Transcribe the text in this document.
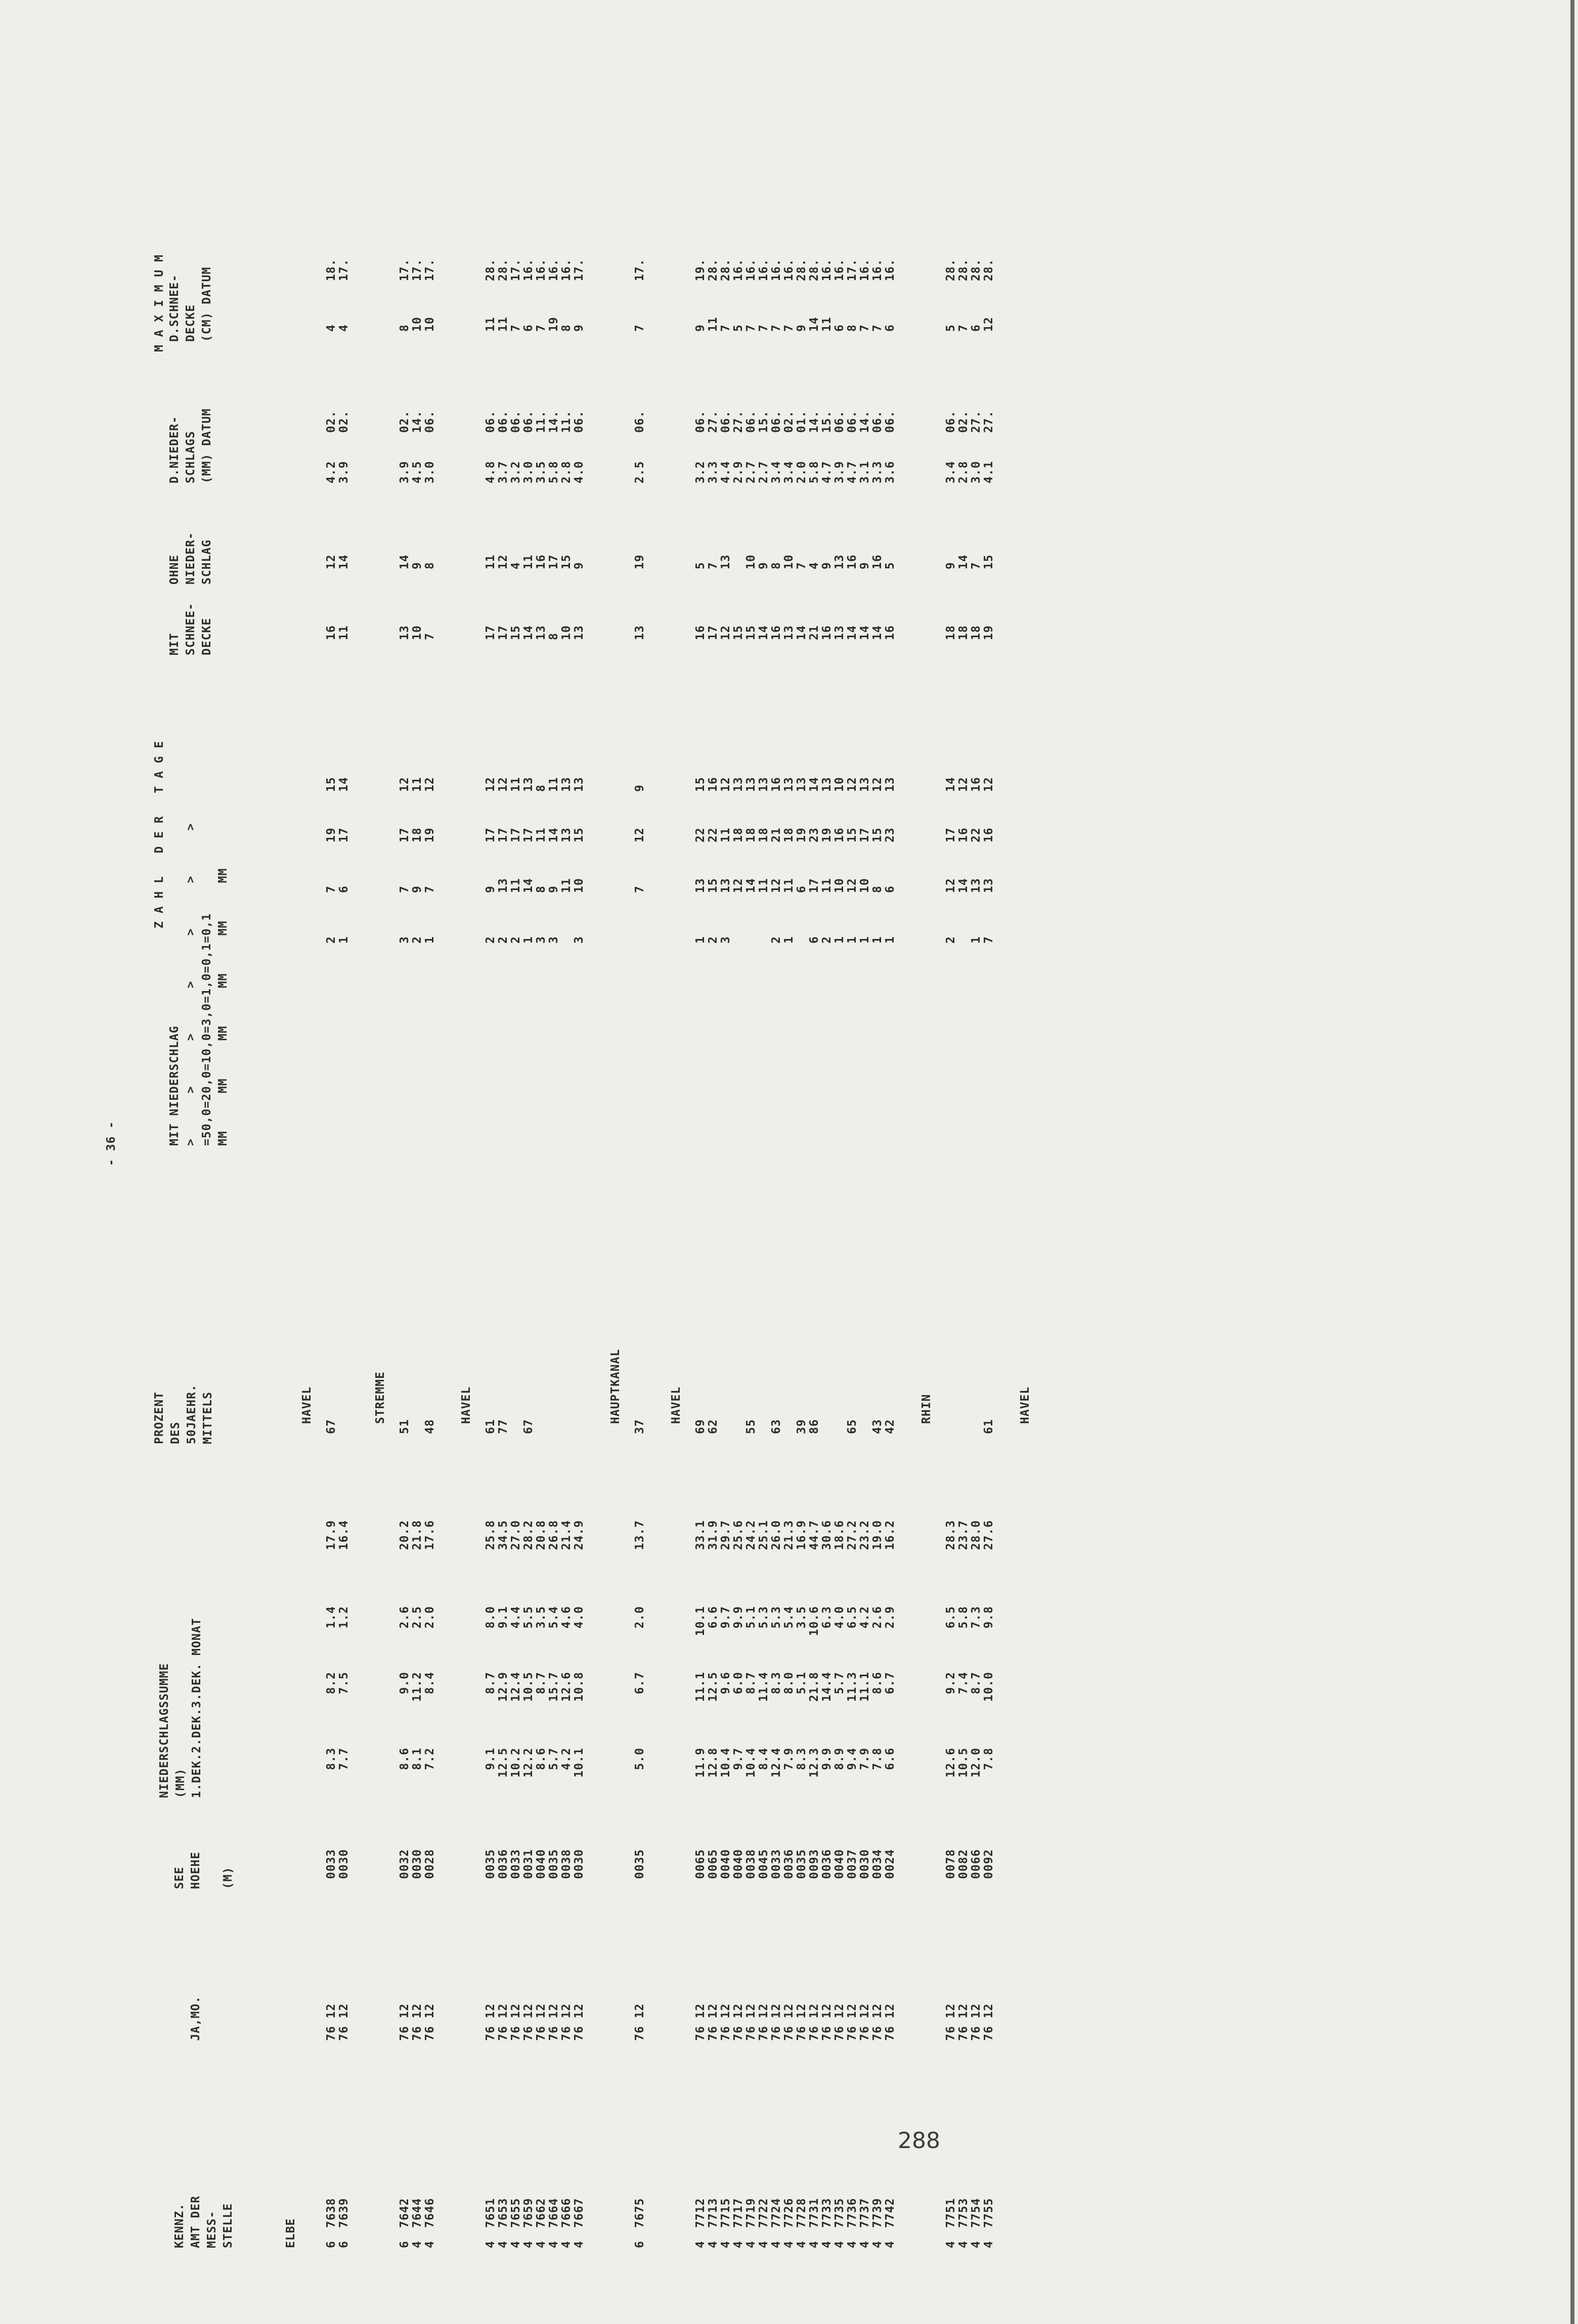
- 36 -
KENNZ. AMT DER MESS- STELLE
JA,MO.
SEE HOEHE (M)
NIEDERSCHLAGSSUMME (MM) 1.DEK.2.DEK.3.DEK. MONAT
PROZENT DES 50JAEHR. MITTELS
Z A H L   D E R   T A G E
MIT NIEDERSCHLAG >      >      >      >      >      >      > =50,0=20,0=10,0=3,0=1,0=0,1=0,1 MM     MM     MM     MM     MM     MM
MIT SCHNEE- DECKE
OHNE NIEDER- SCHLAG
M A X I M U M
D.NIEDER- SCHLAGS (MM) DATUM
D.SCHNEE- DECKE (CM) DATUM
ELBE
HAVEL
6
7638
76 12
0033
8.3
8.2
1.4
17.9
67
2
7
19
15
16
12
4.2
02.
4
18.
6
7639
76 12
0030
7.7
7.5
1.2
16.4
1
6
17
14
11
14
3.9
02.
4
17.
STREMME
6
7642
76 12
0032
8.6
9.0
2.6
20.2
51
3
7
17
12
13
14
3.9
02.
8
17.
4
7644
76 12
0030
8.1
11.2
2.5
21.8
2
9
18
11
10
9
4.5
14.
10
17.
4
7646
76 12
0028
7.2
8.4
2.0
17.6
48
1
7
19
12
7
8
3.0
06.
10
17.
HAVEL
4
7651
76 12
0035
9.1
8.7
8.0
25.8
61
2
9
17
12
17
11
4.8
06.
11
28.
4
7653
76 12
0036
12.5
12.9
9.1
34.5
77
2
13
17
12
17
12
3.7
06.
11
28.
4
7655
76 12
0033
10.2
12.4
4.4
27.0
2
11
17
11
15
4
3.2
06.
7
17.
4
7659
76 12
0031
12.2
10.5
5.5
28.2
67
1
14
17
13
14
11
3.0
06.
6
16.
4
7662
76 12
0040
8.6
8.7
3.5
20.8
3
8
11
8
13
16
3.5
11.
7
16.
4
7664
76 12
0035
5.7
15.7
5.4
26.8
3
9
14
11
8
17
5.8
14.
19
16.
4
7666
76 12
0038
4.2
12.6
4.6
21.4
11
13
13
10
15
2.8
11.
8
16.
4
7667
76 12
0030
10.1
10.8
4.0
24.9
3
10
15
13
13
9
4.0
06.
9
17.
HAUPTKANAL
6
7675
76 12
0035
5.0
6.7
2.0
13.7
37
7
12
9
13
19
2.5
06.
7
17.
HAVEL
4
7712
76 12
0065
11.9
11.1
10.1
33.1
69
1
13
22
15
16
5
3.2
06.
9
19.
4
7713
76 12
0065
12.8
12.5
6.6
31.9
62
2
15
22
16
17
7
3.3
27.
11
28.
4
7715
76 12
0040
10.4
9.6
9.7
29.7
3
13
11
12
12
13
4.4
06.
7
28.
4
7717
76 12
0040
9.7
6.0
9.9
25.6
12
18
13
15
2.9
27.
5
16.
4
7719
76 12
0038
10.4
8.7
5.1
24.2
55
14
18
13
15
10
2.7
06.
7
16.
4
7722
76 12
0045
8.4
11.4
5.3
25.1
11
18
13
14
9
2.7
15.
7
16.
4
7724
76 12
0033
12.4
8.3
5.3
26.0
63
2
12
21
16
16
8
3.4
06.
7
16.
4
7726
76 12
0036
7.9
8.0
5.4
21.3
1
11
18
13
13
10
3.4
02.
7
16.
4
7728
76 12
0035
8.3
5.1
3.5
16.9
39
6
19
13
14
7
2.0
01.
9
28.
4
7731
76 12
0093
12.3
21.8
10.6
44.7
86
6
17
23
14
21
4
5.8
14.
14
28.
4
7733
76 12
0036
9.9
14.4
6.3
30.6
2
11
19
13
16
9
4.7
15.
11
16.
4
7735
76 12
0040
8.9
5.7
4.0
18.6
1
10
16
10
13
13
3.9
06.
6
16.
4
7736
76 12
0037
9.4
11.3
6.5
27.2
65
1
12
15
12
14
16
4.7
06.
8
17.
4
7737
76 12
0030
7.9
11.1
4.2
23.2
1
10
17
13
14
9
3.1
14.
7
16.
4
7739
76 12
0034
7.8
8.6
2.6
19.0
43
1
8
15
12
14
16
3.3
06.
7
16.
4
7742
76 12
0024
6.6
6.7
2.9
16.2
42
1
6
23
13
16
5
3.6
06.
6
16.
RHIN
4
7751
76 12
0078
12.6
9.2
6.5
28.3
2
12
17
14
18
9
3.4
06.
5
28.
4
7753
76 12
0082
10.5
7.4
5.8
23.7
14
16
12
18
14
2.8
02.
7
28.
4
7754
76 12
0066
12.0
8.7
7.3
28.0
1
13
22
16
18
7
3.0
27.
6
28.
4
7755
76 12
0092
7.8
10.0
9.8
27.6
61
7
13
16
12
19
15
4.1
27.
12
28.
HAVEL
288
